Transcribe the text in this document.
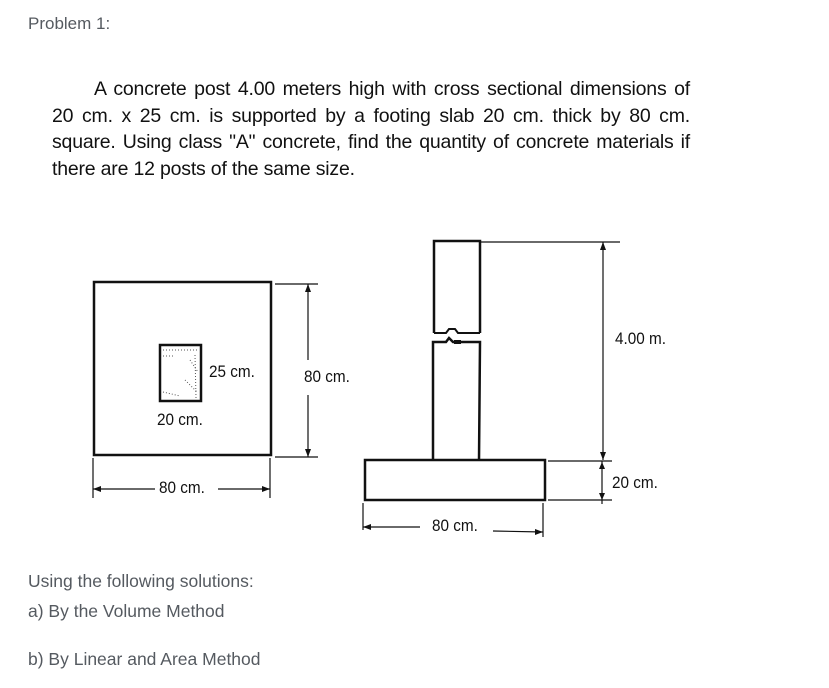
Problem 1:
A concrete post 4.00 meters high with cross sectional dimensions of 20 cm. x 25 cm. is supported by a footing slab 20 cm. thick by 80 cm. square. Using class "A" concrete, find the quantity of concrete materials if there are 12 posts of the same size.
25 cm.
20 cm.
80 cm.
80 cm.
4.00 m.
20 cm.
80 cm.
Using the following solutions:
a) By the Volume Method
b) By Linear and Area Method
